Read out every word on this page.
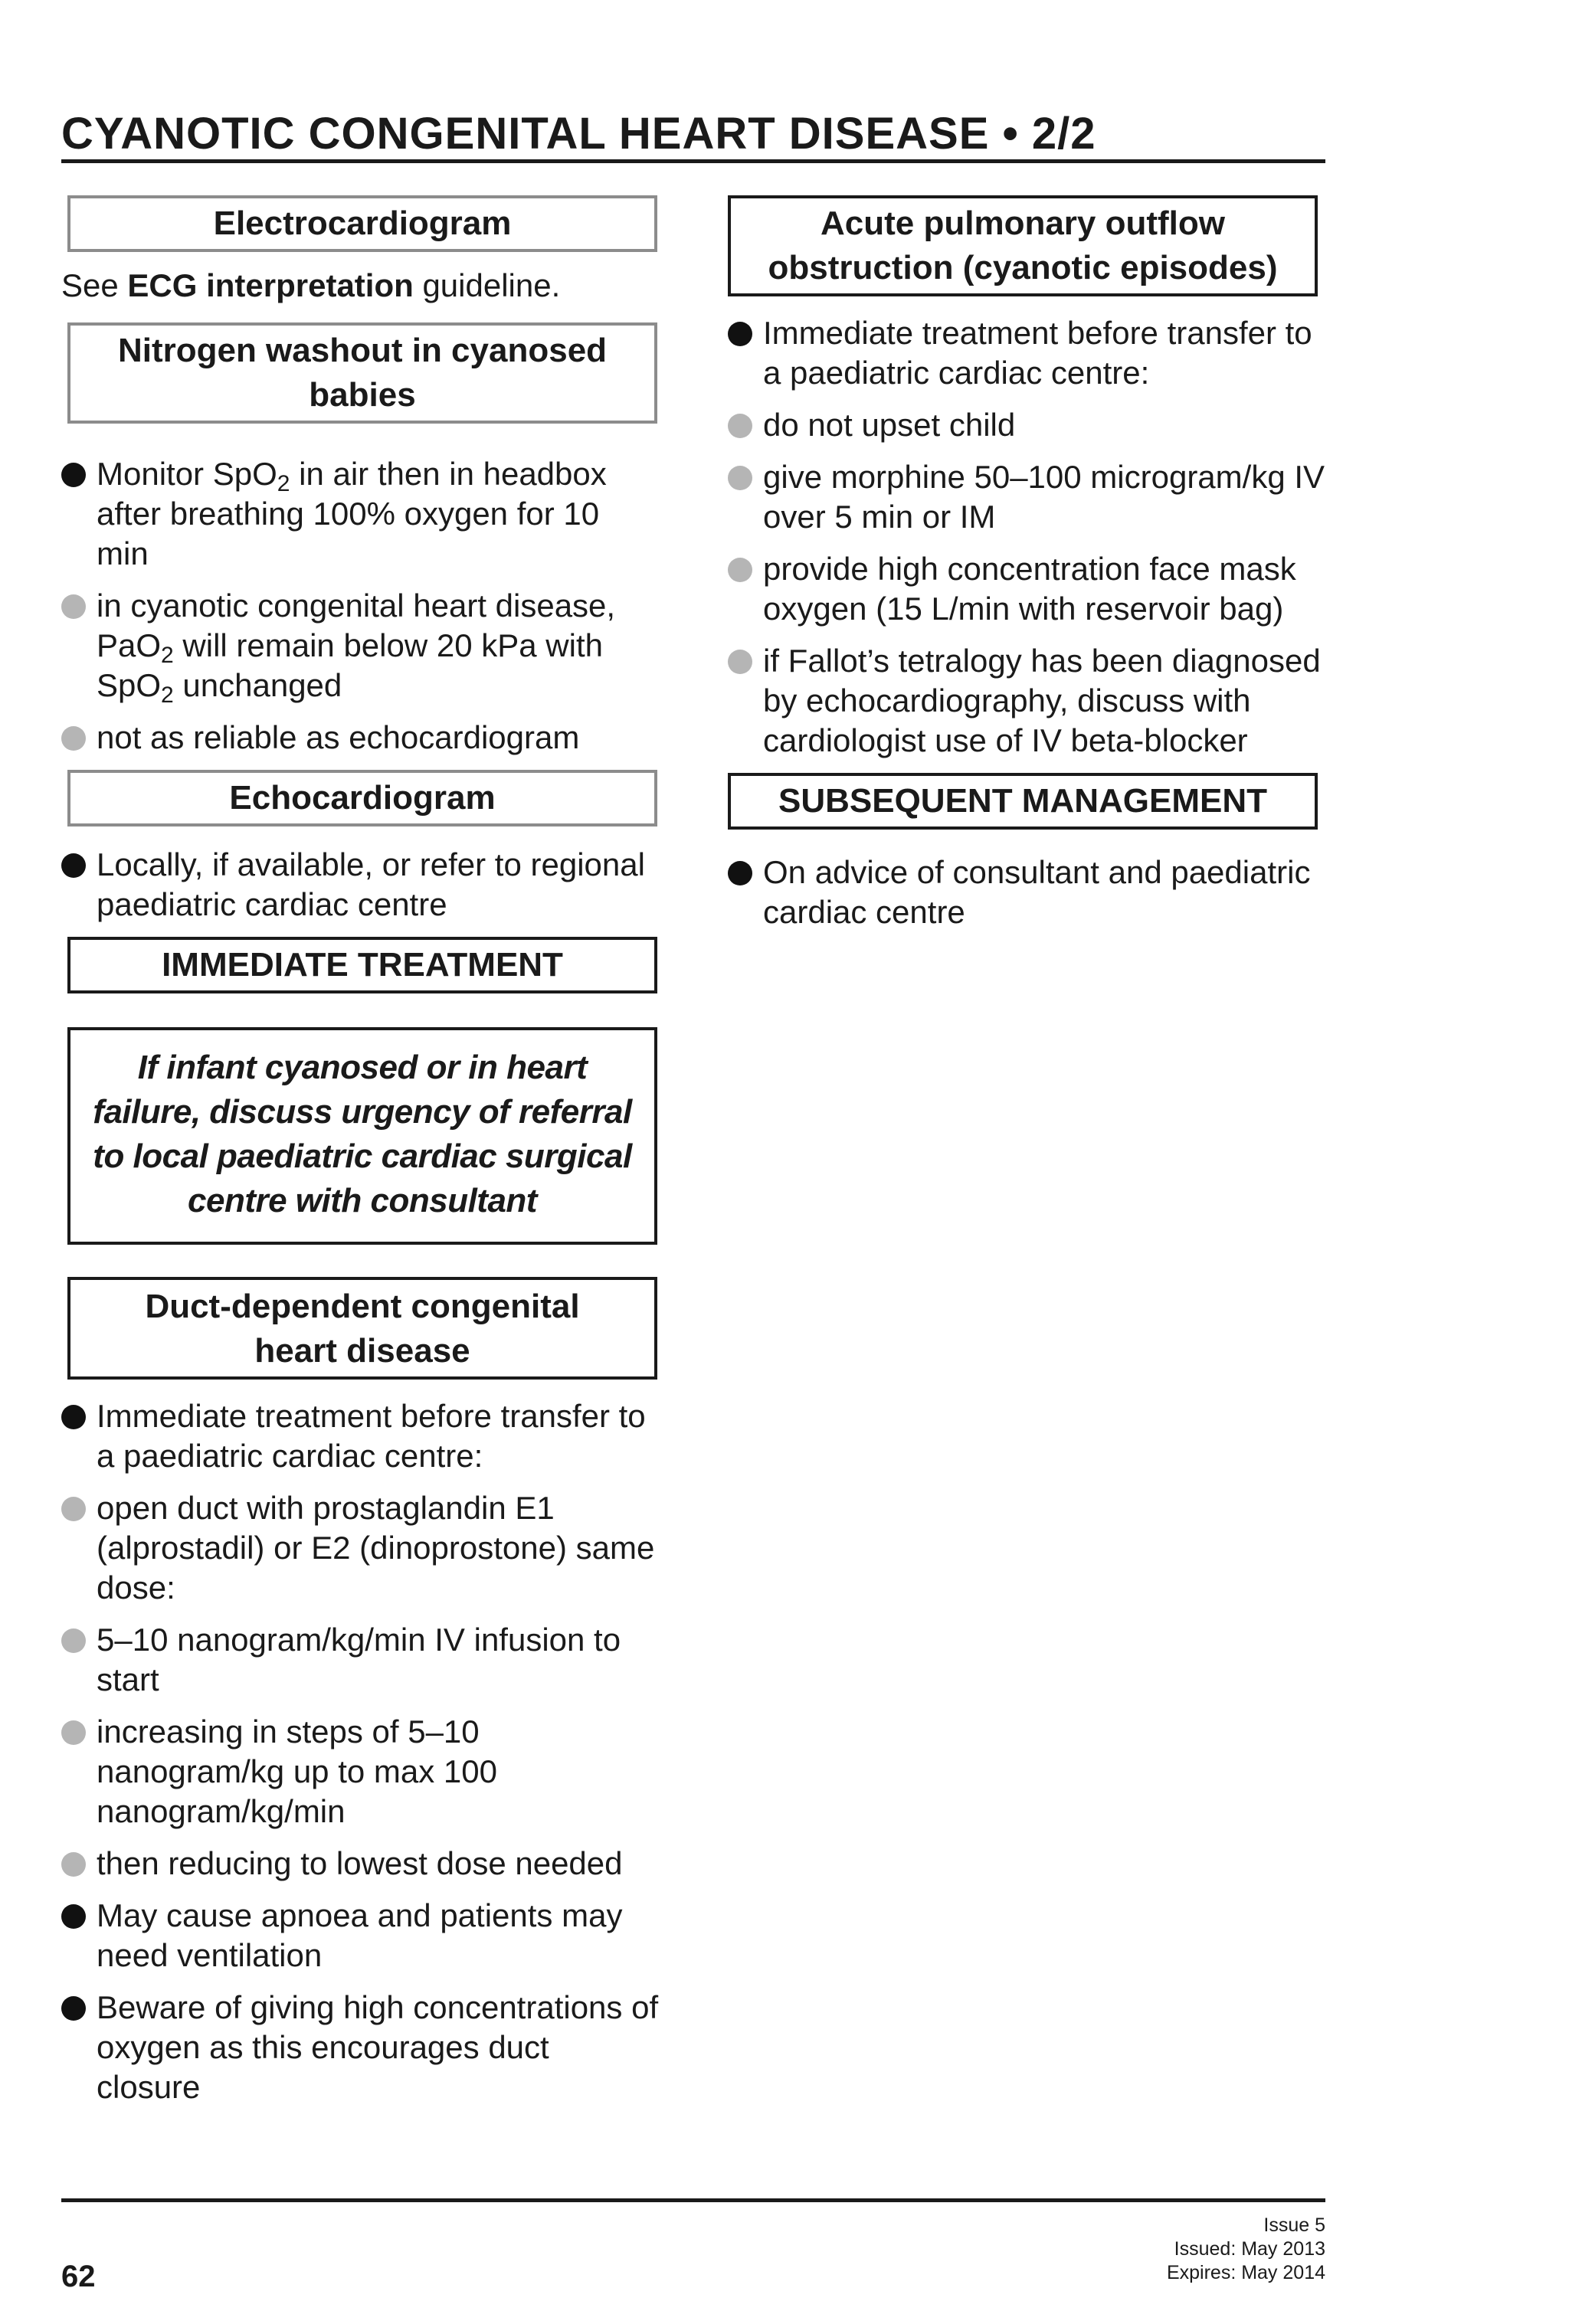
CYANOTIC CONGENITAL HEART DISEASE • 2/2
Electrocardiogram
See ECG interpretation guideline.
Nitrogen washout in cyanosed babies
Monitor SpO$_2$ in air then in headbox after breathing 100% oxygen for 10 min
in cyanotic congenital heart disease, PaO$_2$ will remain below 20 kPa with SpO$_2$ unchanged
not as reliable as echocardiogram
Echocardiogram
Locally, if available, or refer to regional paediatric cardiac centre
IMMEDIATE TREATMENT
If infant cyanosed or in heart failure, discuss urgency of referral to local paediatric cardiac surgical centre with consultant
Duct-dependent congenital heart disease
Immediate treatment before transfer to a paediatric cardiac centre:
open duct with prostaglandin E1 (alprostadil) or E2 (dinoprostone) same dose:
5–10 nanogram/kg/min IV infusion to start
increasing in steps of 5–10 nanogram/kg up to max 100 nanogram/kg/min
then reducing to lowest dose needed
May cause apnoea and patients may need ventilation
Beware of giving high concentrations of oxygen as this encourages duct closure
Acute pulmonary outflow obstruction (cyanotic episodes)
Immediate treatment before transfer to a paediatric cardiac centre:
do not upset child
give morphine 50–100 microgram/kg IV over 5 min or IM
provide high concentration face mask oxygen (15 L/min with reservoir bag)
if Fallot’s tetralogy has been diagnosed by echocardiography, discuss with cardiologist use of IV beta-blocker
SUBSEQUENT MANAGEMENT
On advice of consultant and paediatric cardiac centre
62
Issue 5
Issued: May 2013
Expires: May 2014
